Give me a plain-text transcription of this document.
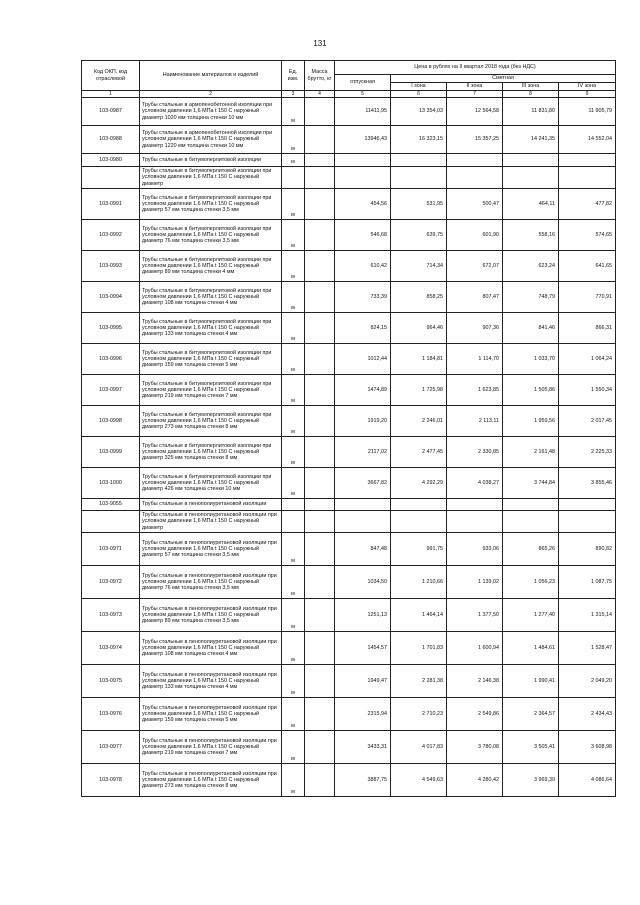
131
Код ОКП, код отраслевой	Наименование материалов и изделий	Ед. изм.	Масса брутто, кг	Цена в рублях на II квартал 2018 года (без НДС)				
				отпускная	Сметная			
					I зона	II зона	III зона	IV зона
1	2	3	4	5	6	7	8	9
103-0987	Трубы стальные в армопенобетонной изоляции при условном давлении 1,6 МПа t 150 С наружный диаметр 1020 мм толщина стенки 10 мм	м		11411,95	13 354,03	12 564,58	11 831,80	11 905,79
103-0988	Трубы стальные в армопенобетонной изоляции при условном давлении 1,6 МПа t 150 С наружный диаметр 1220 мм толщина стенки 10 мм	м		13946,43	16 323,15	15 357,25	14 241,35	14 552,04
103-0980	Трубы стальные в битумоперлитовой изоляции	м						
	Трубы стальные в битумоперлитовой изоляции при условном давлении 1,6 МПа t 150 С наружный диаметр							
103-0991	Трубы стальные в битумоперлитовой изоляции при условном давлении 1,6 МПа t 150 С наружный диаметр 57 мм толщина стенки 3,5 мм	м		454,56	531,95	500,47	464,11	477,82
103-0992	Трубы стальные в битумоперлитовой изоляции при условном давлении 1,6 МПа t 150 С наружный диаметр 76 мм толщина стенки 3,5 мм	м		546,68	639,75	601,90	558,16	574,65
103-0993	Трубы стальные в битумоперлитовой изоляции при условном давлении 1,6 МПа t 150 С наружный диаметр 89 мм толщина стенки 4 мм	м		610,42	714,34	672,07	623,24	641,65
103-0994	Трубы стальные в битумоперлитовой изоляции при условном давлении 1,6 МПа t 150 С наружный диаметр 108 мм толщина стенки 4 мм	м		733,39	858,25	807,47	748,79	770,91
103-0995	Трубы стальные в битумоперлитовой изоляции при условном давлении 1,6 МПа t 150 С наружный диаметр 133 мм толщина стенки 4 мм	м		824,15	964,46	907,36	841,46	866,31
103-0996	Трубы стальные в битумоперлитовой изоляции при условном давлении 1,6 МПа t 150 С наружный диаметр 159 мм толщина стенки 5 мм	м		1012,44	1 184,81	1 114,70	1 033,70	1 064,24
103-0997	Трубы стальные в битумоперлитовой изоляции при условном давлении 1,6 МПа t 150 С наружный диаметр 219 мм толщина стенки 7 мм	м		1474,89	1 725,98	1 623,85	1 505,86	1 550,34
103-0998	Трубы стальные в битумоперлитовой изоляции при условном давлении 1,6 МПа t 150 С наружный диаметр 273 мм толщина стенки 8 мм	м		1919,20	2 246,01	2 113,11	1 959,56	2 017,45
103-0999	Трубы стальные в битумоперлитовой изоляции при условном давлении 1,6 МПа t 150 С наружный диаметр 325 мм толщина стенки 8 мм	м		2117,02	2 477,45	2 330,85	2 161,48	2 225,33
103-1000	Трубы стальные в битумоперлитовой изоляции при условном давлении 1,6 МПа t 150 С наружный диаметр 426 мм толщина стенки 10 мм	м		3667,82	4 292,29	4 038,27	3 744,84	3 855,46
103-9055	Трубы стальные в пенополиуретановой изоляции							
	Трубы стальные в пенополиуретановой изоляции при условном давлении 1,6 МПа t 150 С наружный диаметр							
103-0971	Трубы стальные в пенополиуретановой изоляции при условном давлении 1,6 МПа t 150 С наружный диаметр 57 мм толщина стенки 3,5 мм	м		847,48	991,75	933,06	865,26	890,82
103-0972	Трубы стальные в пенополиуретановой изоляции при условном давлении 1,6 МПа t 150 С наружный диаметр 76 мм толщина стенки 3,5 мм	м		1034,50	1 210,66	1 139,02	1 056,23	1 087,75
103-0973	Трубы стальные в пенополиуретановой изоляции при условном давлении 1,6 МПа t 150 С наружный диаметр 89 мм толщина стенки 3,5 мм	м		1251,13	1 464,14	1 377,50	1 277,40	1 315,14
103-0974	Трубы стальные в пенополиуретановой изоляции при условном давлении 1,6 МПа t 150 С наружный диаметр 108 мм толщина стенки 4 мм	м		1454,57	1 701,83	1 600,94	1 484,61	1 528,47
103-0975	Трубы стальные в пенополиуретановой изоляции при условном давлении 1,6 МПа t 150 С наружный диаметр 133 мм толщина стенки 4 мм	м		1949,47	2 281,38	2 146,38	1 990,41	2 049,20
103-0976	Трубы стальные в пенополиуретановой изоляции при условном давлении 1,6 МПа t 150 С наружный диаметр 159 мм толщина стенки 5 мм	м		2315,94	2 710,23	2 549,86	2 364,57	2 434,43
103-0977	Трубы стальные в пенополиуретановой изоляции при условном давлении 1,6 МПа t 150 С наружный диаметр 219 мм толщина стенки 7 мм	м		3433,31	4 017,83	3 780,08	3 505,41	3 608,98
103-0978	Трубы стальные в пенополиуретановой изоляции при условном давлении 1,6 МПа t 150 С наружный диаметр 273 мм толщина стенки 8 мм	м		3887,75	4 549,63	4 280,42	3 969,39	4 086,64
